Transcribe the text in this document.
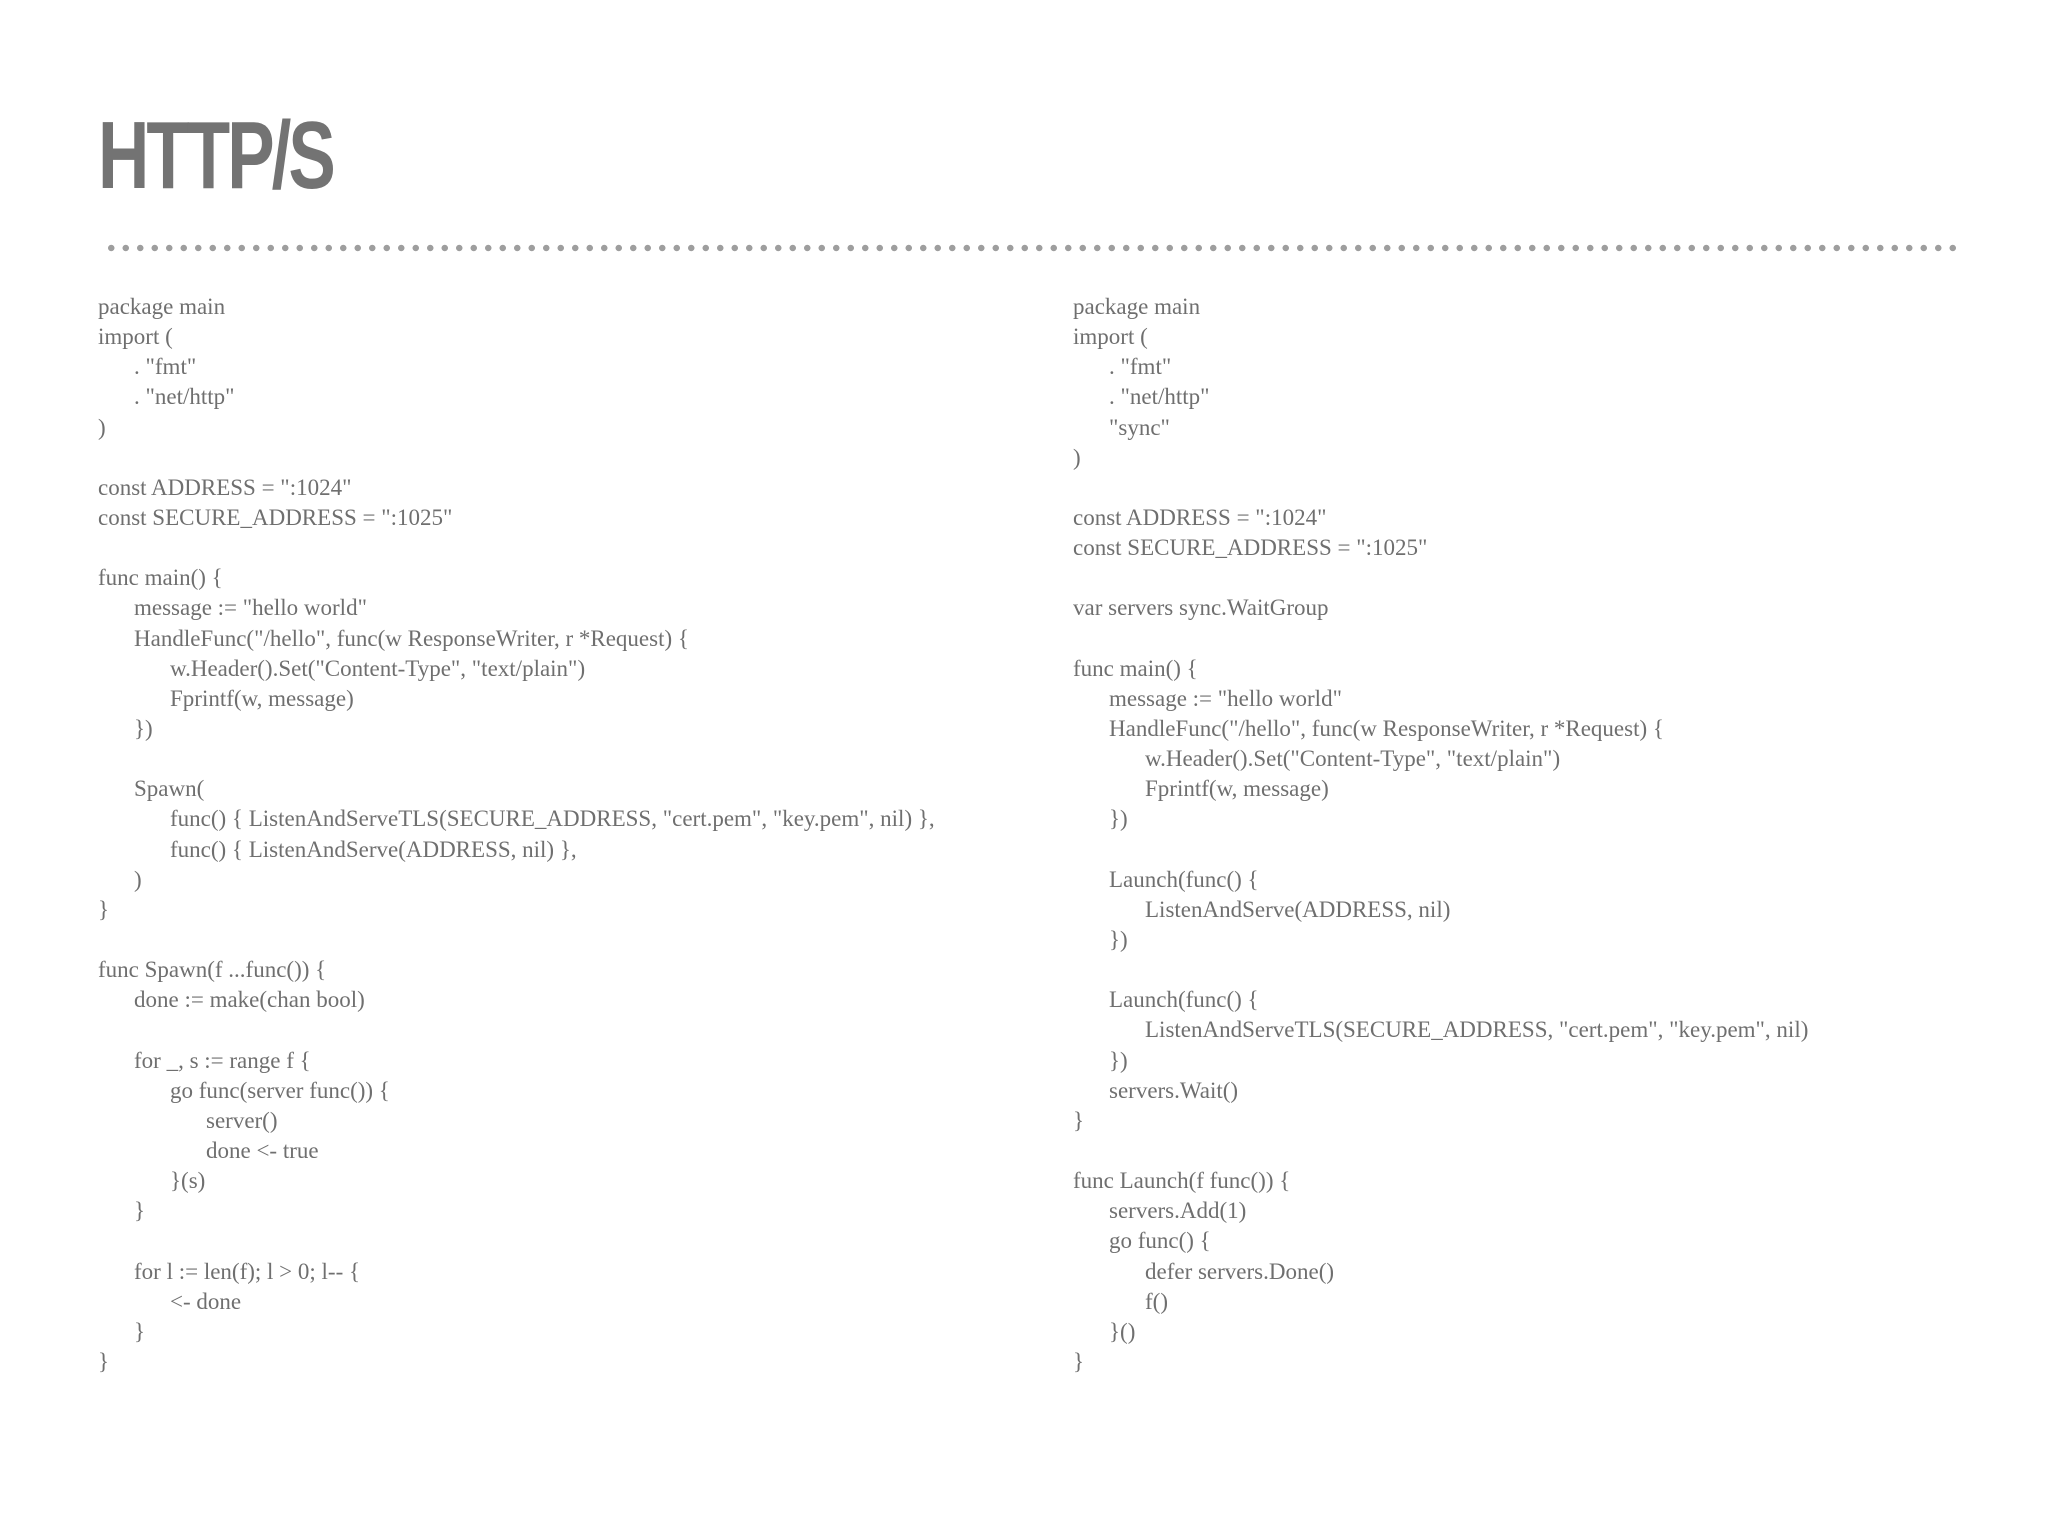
HTTP/S
package main
import (
. "fmt"
. "net/http"
)
const ADDRESS = ":1024"
const SECURE_ADDRESS = ":1025"
func main() {
message := "hello world"
HandleFunc("/hello", func(w ResponseWriter, r *Request) {
w.Header().Set("Content-Type", "text/plain")
Fprintf(w, message)
})
Spawn(
func() { ListenAndServeTLS(SECURE_ADDRESS, "cert.pem", "key.pem", nil) },
func() { ListenAndServe(ADDRESS, nil) },
)
}
func Spawn(f ...func()) {
done := make(chan bool)
for _, s := range f {
go func(server func()) {
server()
done <- true
}(s)
}
for l := len(f); l > 0; l-- {
<- done
}
}
package main
import (
. "fmt"
. "net/http"
"sync"
)
const ADDRESS = ":1024"
const SECURE_ADDRESS = ":1025"
var servers sync.WaitGroup
func main() {
message := "hello world"
HandleFunc("/hello", func(w ResponseWriter, r *Request) {
w.Header().Set("Content-Type", "text/plain")
Fprintf(w, message)
})
Launch(func() {
ListenAndServe(ADDRESS, nil)
})
Launch(func() {
ListenAndServeTLS(SECURE_ADDRESS, "cert.pem", "key.pem", nil)
})
servers.Wait()
}
func Launch(f func()) {
servers.Add(1)
go func() {
defer servers.Done()
f()
}()
}
